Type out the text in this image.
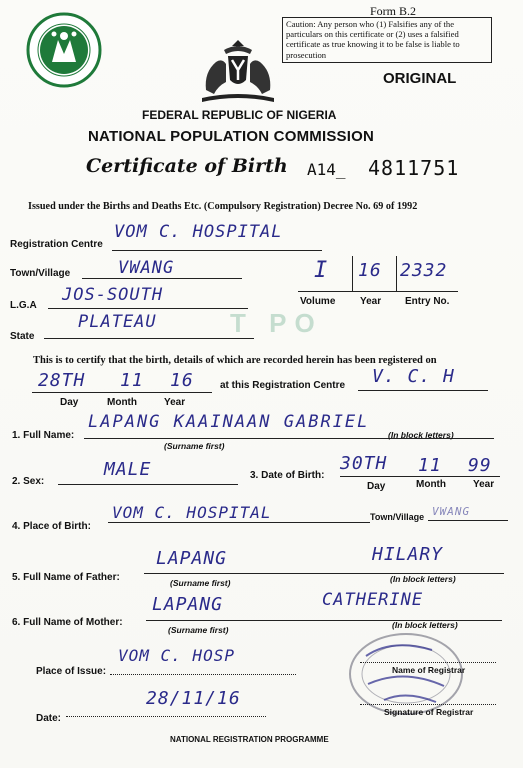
Form B.2
Caution: Any person who (1) Falsifies any of the particulars on this certificate or (2) uses a falsified certificate as true knowing it to be false is liable to prosecution
ORIGINAL
FEDERAL REPUBLIC OF NIGERIA
NATIONAL POPULATION COMMISSION
Certificate of Birth A14_ 4811751
Issued under the Births and Deaths Etc. (Compulsory Registration) Decree No. 69 of 1992
Registration Centre
VOM C. HOSPITAL
Town/Village	VWANG
L.G.A
JOS-SOUTH
State
PLATEAU
I 16 2332
Volume Year Entry No.
T PO
This is to certify that the birth, details of which are recorded herein has been registered on
28TH 11 16
Day	Month	Year
at this Registration Centre V. C. H
1. Full Name:
LAPANG KAAINAAN GABRIEL
(Surname first)
(In block letters)
2. Sex:
MALE	3. Date of Birth:
30TH 11 99
Day	Month	Year
4. Place of Birth:
VOM C. HOSPITAL	Town/Village VWANG
5. Full Name of Father:
LAPANG	HILARY
(Surname first)	(In block letters)
6. Full Name of Mother:
LAPANG	CATHERINE
(Surname first)	(In block letters)
Place of Issue:
VOM C. HOSP
Name of Registrar
Signature of Registrar
Date:
28/11/16
NATIONAL REGISTRATION PROGRAMME
